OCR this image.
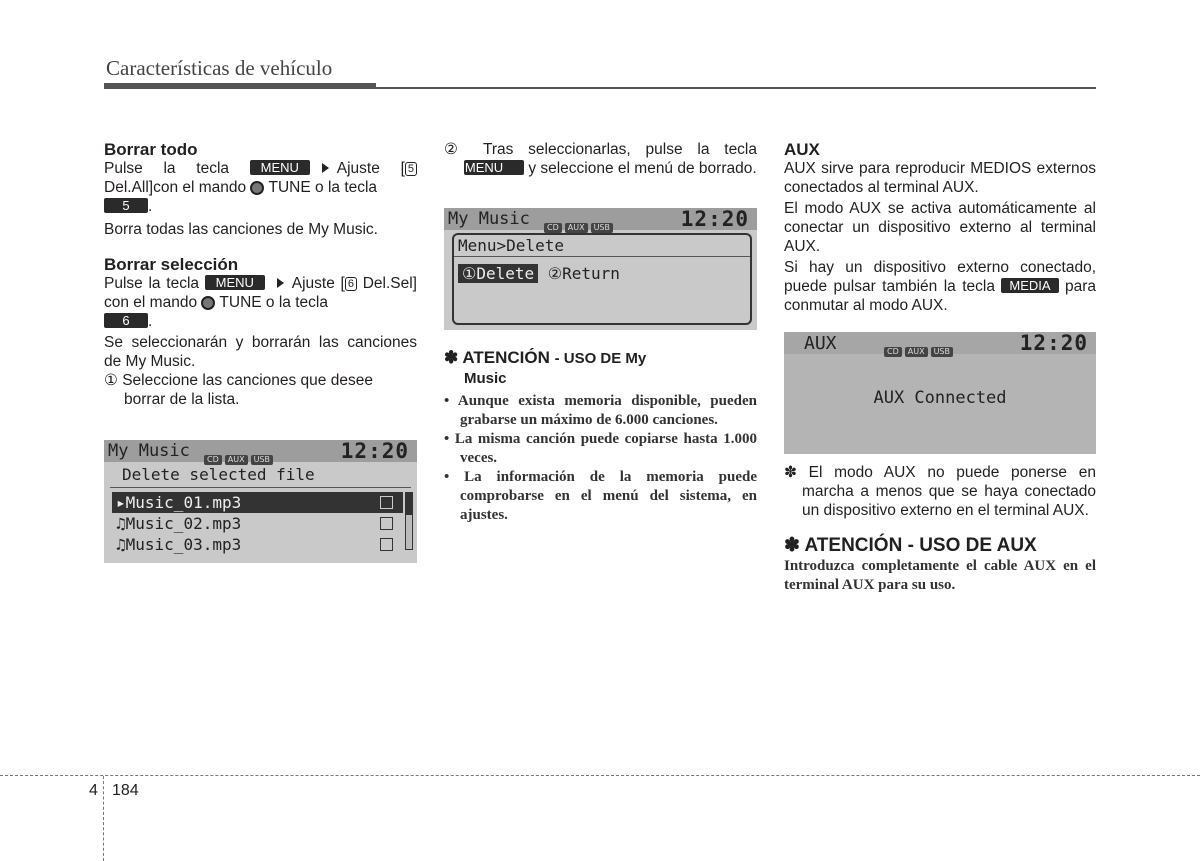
Características de vehículo

Borrar todo

Pulse la tecla MENU Ajuste [ 5 Del.All]con el mando TUNE o la tecla
5 .

Borra todas las canciones de My Music.

Borrar selección

Pulse la tecla MENU Ajuste [ 6 Del.Sel] con el mando TUNE o la tecla
6 .

Se seleccionarán y borrarán las canciones de My Music.

① Seleccione las canciones que desee borrar de la lista.

My Music	CD AUX USB	12:20
Delete selected file
▸Music_01.mp3
♫Music_02.mp3
♫Music_03.mp3

② Tras seleccionarlas, pulse la tecla MENU y seleccione el menú de borrado.

My Music	CD AUX USB	12:20
Menu>Delete
①Delete ②Return

✽ ATENCIÓN - USO DE My
Music

• Aunque exista memoria disponible, pueden grabarse un máximo de 6.000 canciones.
• La misma canción puede copiarse hasta 1.000 veces.
• La información de la memoria puede comprobarse en el menú del sistema, en ajustes.

AUX

AUX sirve para reproducir MEDIOS externos conectados al terminal AUX.

El modo AUX se activa automáticamente al conectar un dispositivo externo al terminal AUX.

Si hay un dispositivo externo conectado, puede pulsar también la tecla MEDIA para conmutar al modo AUX.

AUX	CD AUX USB	12:20
AUX Connected

✽ El modo AUX no puede ponerse en marcha a menos que se haya conectado un dispositivo externo en el terminal AUX.

✽ ATENCIÓN - USO DE AUX

Introduzca completamente el cable AUX en el terminal AUX para su uso.

4 184
